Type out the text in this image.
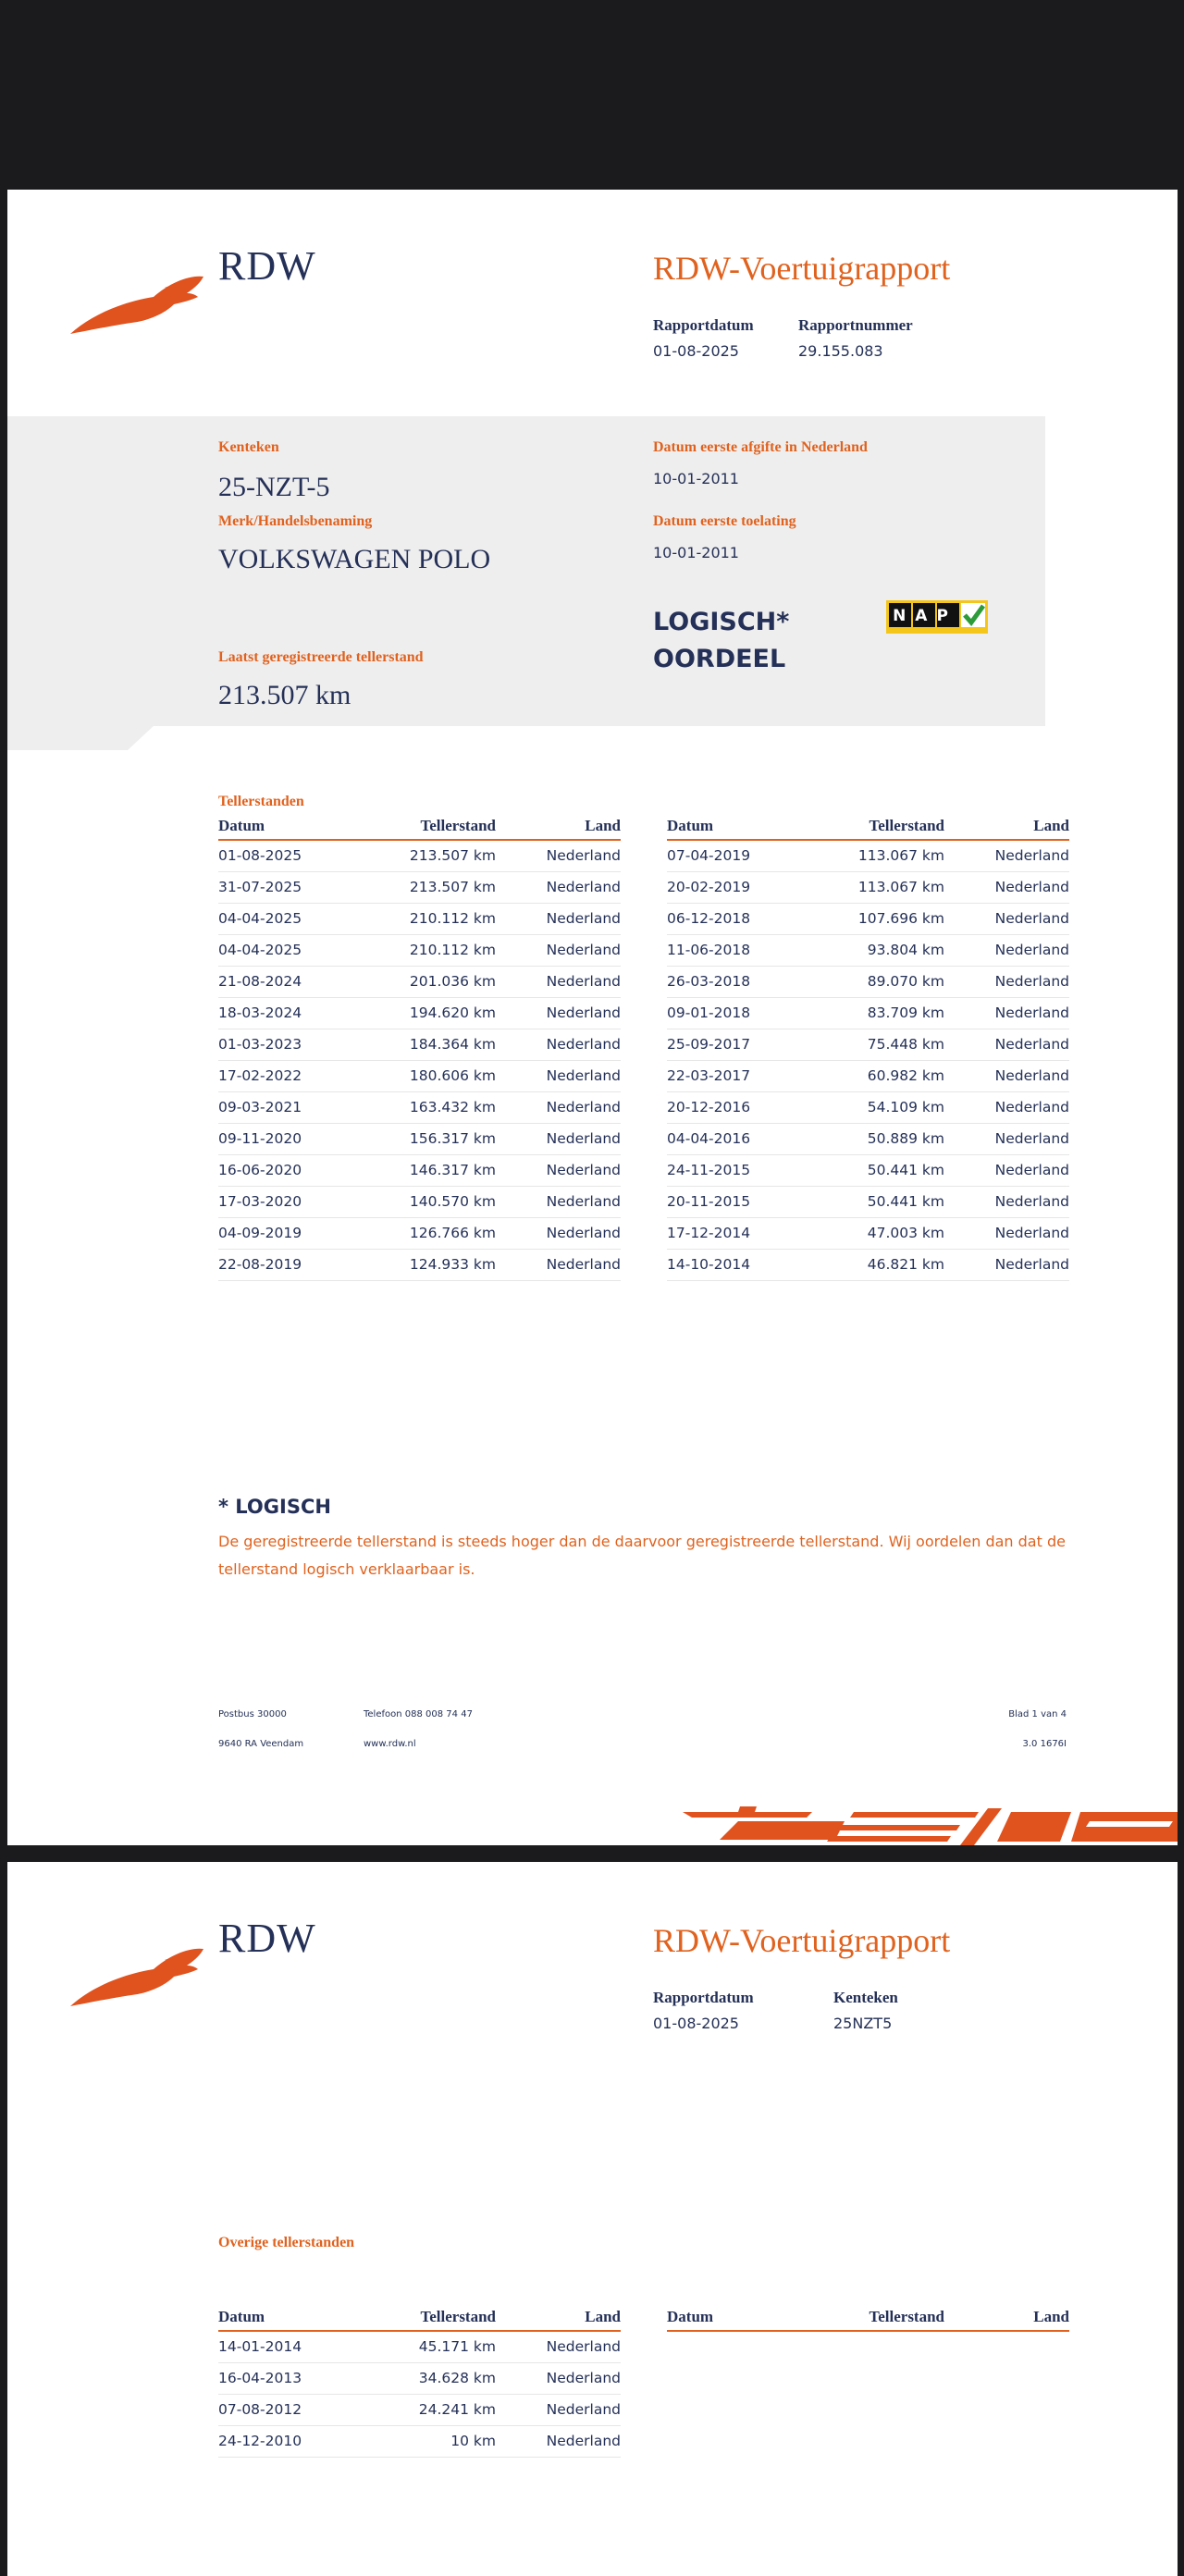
RDW	RDW-Voertuigrapport
Rapportdatum
01-08-2025
Rapportnummer
29.155.083
Kenteken
25-NZT-5
Merk/Handelsbenaming
VOLKSWAGEN POLO
Datum eerste afgifte in Nederland
10-01-2011
Datum eerste toelating
10-01-2011
LOGISCH*
OORDEEL
NAP
Laatst geregistreerde tellerstand
213.507 km
Tellerstanden
Datum	Tellerstand	Land
01-08-2025	213.507 km	Nederland
31-07-2025	213.507 km	Nederland
04-04-2025	210.112 km	Nederland
04-04-2025	210.112 km	Nederland
21-08-2024	201.036 km	Nederland
18-03-2024	194.620 km	Nederland
01-03-2023	184.364 km	Nederland
17-02-2022	180.606 km	Nederland
09-03-2021	163.432 km	Nederland
09-11-2020	156.317 km	Nederland
16-06-2020	146.317 km	Nederland
17-03-2020	140.570 km	Nederland
04-09-2019	126.766 km	Nederland
22-08-2019	124.933 km	Nederland
Datum	Tellerstand	Land
07-04-2019	113.067 km	Nederland
20-02-2019	113.067 km	Nederland
06-12-2018	107.696 km	Nederland
11-06-2018	93.804 km	Nederland
26-03-2018	89.070 km	Nederland
09-01-2018	83.709 km	Nederland
25-09-2017	75.448 km	Nederland
22-03-2017	60.982 km	Nederland
20-12-2016	54.109 km	Nederland
04-04-2016	50.889 km	Nederland
24-11-2015	50.441 km	Nederland
20-11-2015	50.441 km	Nederland
17-12-2014	47.003 km	Nederland
14-10-2014	46.821 km	Nederland
* LOGISCH
De geregistreerde tellerstand is steeds hoger dan de daarvoor geregistreerde tellerstand. Wij oordelen dan dat de tellerstand logisch verklaarbaar is.
Postbus 30000
9640 RA Veendam
Telefoon 088 008 74 47
www.rdw.nl
Blad 1 van 4
3.0 1676I
RDW	RDW-Voertuigrapport
Rapportdatum
01-08-2025
Kenteken
25NZT5
Overige tellerstanden
Datum	Tellerstand	Land
14-01-2014	45.171 km	Nederland
16-04-2013	34.628 km	Nederland
07-08-2012	24.241 km	Nederland
24-12-2010	10 km	Nederland
Datum	Tellerstand	Land
